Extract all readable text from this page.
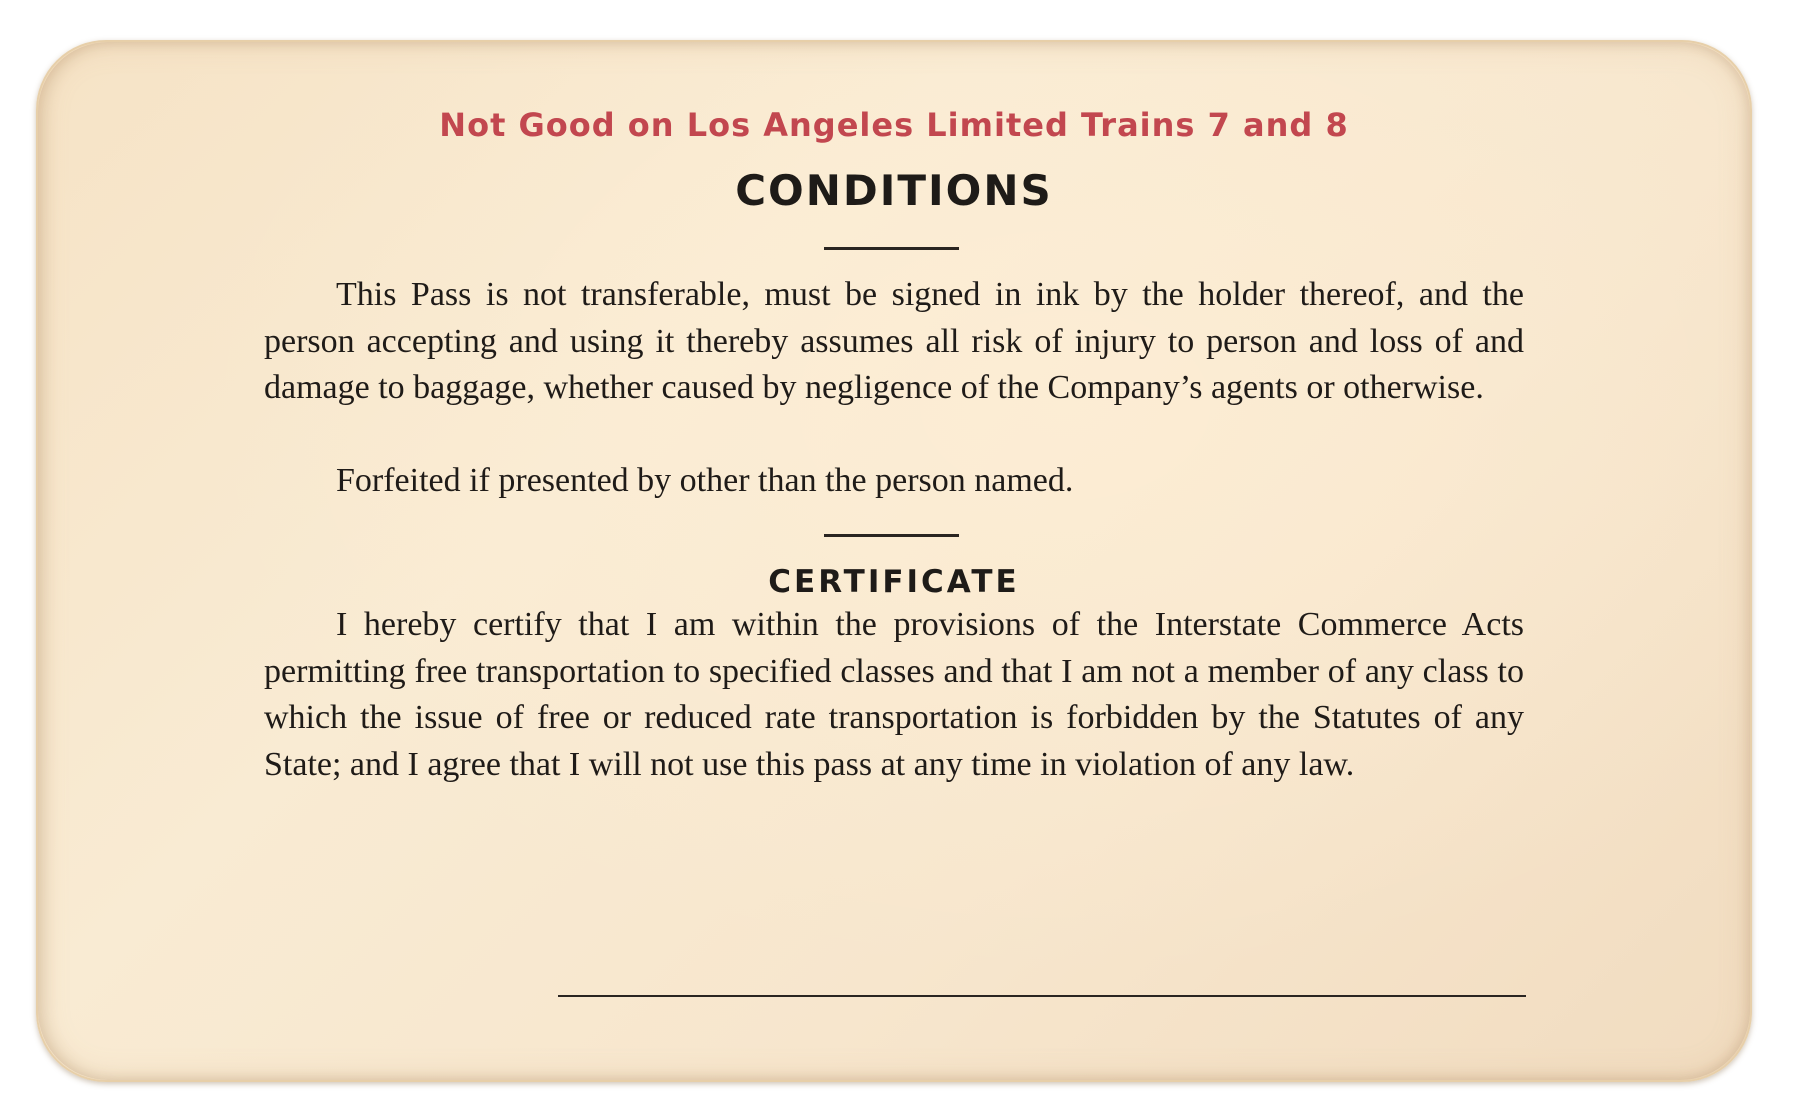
Not Good on Los Angeles Limited Trains 7 and 8
CONDITIONS
This Pass is not transferable, must be signed in ink by the holder thereof, and the person accepting and using it thereby assumes all risk of injury to person and loss of and damage to baggage, whether caused by negligence of the Company’s agents or otherwise.
Forfeited if presented by other than the person named.
CERTIFICATE
I hereby certify that I am within the provisions of the Interstate Commerce Acts permitting free transportation to specified classes and that I am not a member of any class to which the issue of free or reduced rate transportation is forbidden by the Statutes of any State; and I agree that I will not use this pass at any time in violation of any law.
